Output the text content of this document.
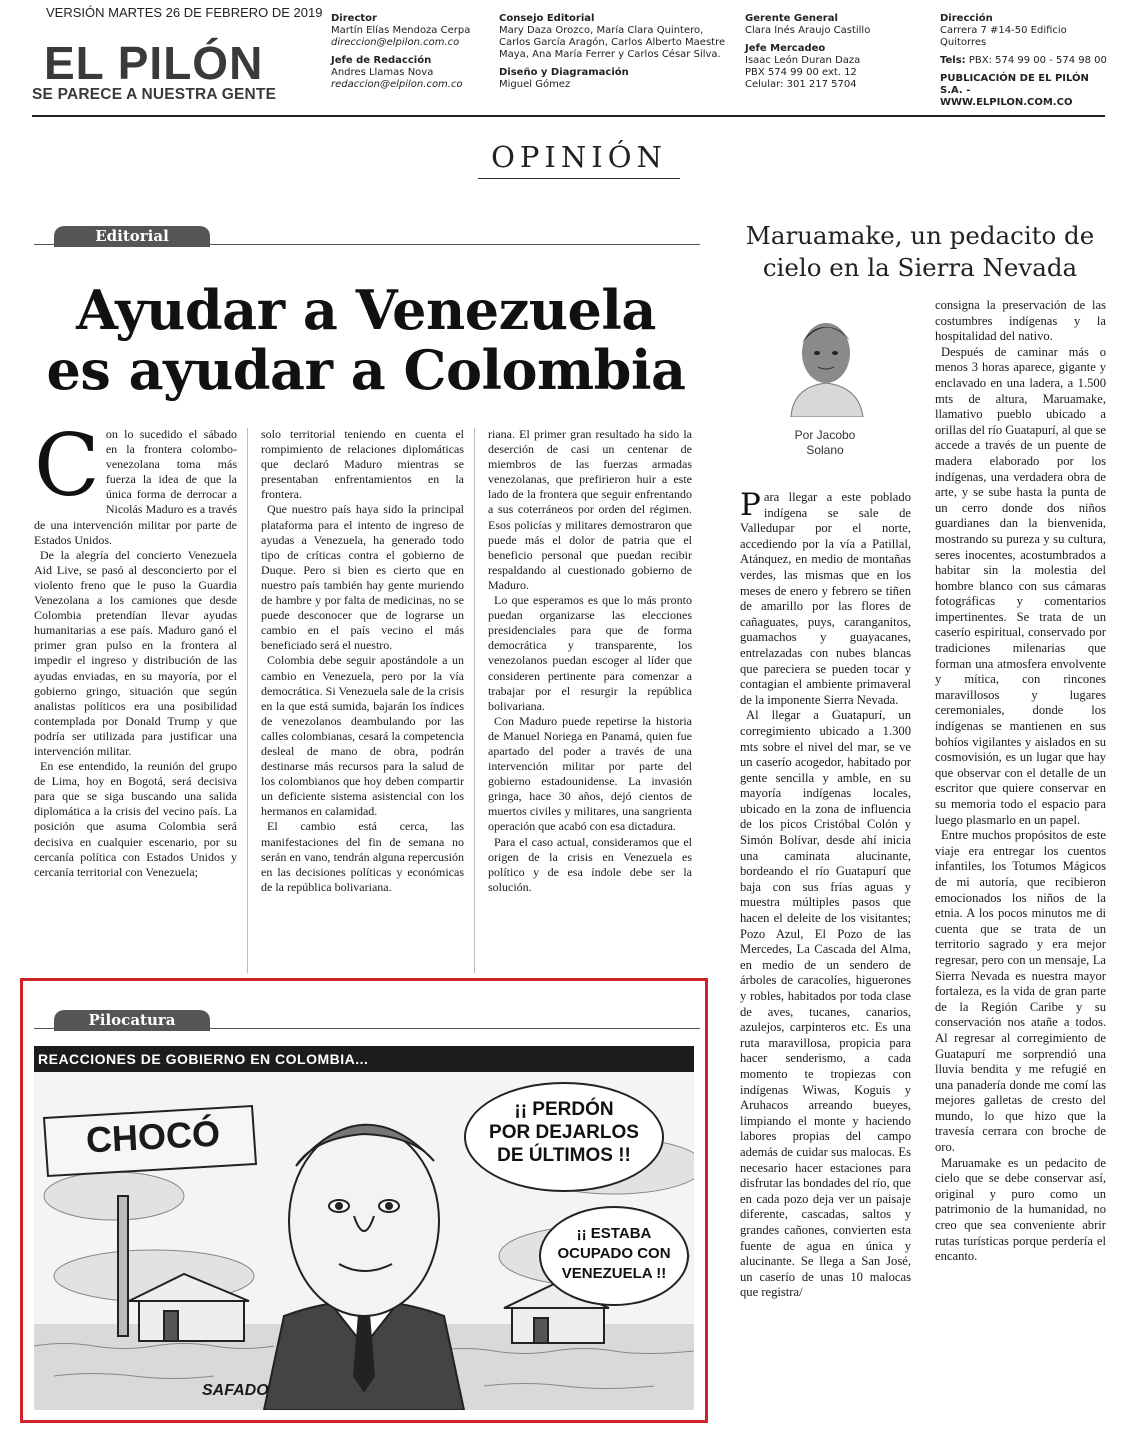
VERSIÓN MARTES 26 DE FEBRERO DE 2019
EL PILÓN
SE PARECE A NUESTRA GENTE
Director
Martín Elías Mendoza Cerpa
direccion@elpilon.com.co
Jefe de Redacción
Andres Llamas Nova
redaccion@elpilon.com.co
Consejo Editorial
Mary Daza Orozco, María Clara Quintero,
Carlos García Aragón, Carlos Alberto Maestre
Maya, Ana María Ferrer y Carlos César Silva.
Diseño y Diagramación
Miguel Gómez
Gerente General
Clara Inés Araujo Castillo
Jefe Mercadeo
Isaac León Duran Daza
PBX 574 99 00 ext. 12
Celular: 301 217 5704
Dirección
Carrera 7 #14-50 Edificio Quitorres
Tels: PBX: 574 99 00 - 574 98 00
PUBLICACIÓN DE EL PILÓN S.A. -
WWW.ELPILON.COM.CO
OPINIÓN
Editorial
Ayudar a Venezuela
es ayudar a Colombia

Con lo sucedido el sábado en la frontera colombo-venezolana toma más fuerza la idea de que la única forma de derrocar a Nicolás Maduro es a través de una intervención militar por parte de Estados Unidos.

De la alegría del concierto Venezuela Aid Live, se pasó al desconcierto por el violento freno que le puso la Guardia Venezolana a los camiones que desde Colombia pretendían llevar ayudas humanitarias a ese país. Maduro ganó el primer gran pulso en la frontera al impedir el ingreso y distribución de las ayudas enviadas, en su mayoría, por el gobierno gringo, situación que según analistas políticos era una posibilidad contemplada por Donald Trump y que podría ser utilizada para justificar una intervención militar.

En ese entendido, la reunión del grupo de Lima, hoy en Bogotá, será decisiva para que se siga buscando una salida diplomática a la crisis del vecino país. La posición que asuma Colombia será decisiva en cualquier escenario, por su cercanía política con Estados Unidos y cercanía territorial con Venezuela;

solo territorial teniendo en cuenta el rompimiento de relaciones diplomáticas que declaró Maduro mientras se presentaban enfrentamientos en la frontera.

Que nuestro país haya sido la principal plataforma para el intento de ingreso de ayudas a Venezuela, ha generado todo tipo de críticas contra el gobierno de Duque. Pero si bien es cierto que en nuestro país también hay gente muriendo de hambre y por falta de medicinas, no se puede desconocer que de lograrse un cambio en el país vecino el más beneficiado será el nuestro.

Colombia debe seguir apostándole a un cambio en Venezuela, pero por la vía democrática. Si Venezuela sale de la crisis en la que está sumida, bajarán los índices de venezolanos deambulando por las calles colombianas, cesará la competencia desleal de mano de obra, podrán destinarse más recursos para la salud de los colombianos que hoy deben compartir un deficiente sistema asistencial con los hermanos en calamidad.

El cambio está cerca, las manifestaciones del fin de semana no serán en vano, tendrán alguna repercusión en las decisiones políticas y económicas de la república bolivariana.

riana. El primer gran resultado ha sido la deserción de casi un centenar de miembros de las fuerzas armadas venezolanas, que prefirieron huir a este lado de la frontera que seguir enfrentando a sus coterráneos por orden del régimen. Esos policías y militares demostraron que puede más el dolor de patria que el beneficio personal que puedan recibir respaldando al cuestionado gobierno de Maduro.

Lo que esperamos es que lo más pronto puedan organizarse las elecciones presidenciales para que de forma democrática y transparente, los venezolanos puedan escoger al líder que consideren pertinente para comenzar a trabajar por el resurgir la república bolivariana.

Con Maduro puede repetirse la historia de Manuel Noriega en Panamá, quien fue apartado del poder a través de una intervención militar por parte del gobierno estadounidense. La invasión gringa, hace 30 años, dejó cientos de muertos civiles y militares, una sangrienta operación que acabó con esa dictadura.

Para el caso actual, consideramos que el origen de la crisis en Venezuela es político y de esa índole debe ser la solución.

Pilocatura
REACCIONES DE GOBIERNO EN COLOMBIA...
CHOCÓ
¡¡ PERDÓN
POR DEJARLOS
DE ÚLTIMOS !!
¡¡ ESTABA
OCUPADO CON
VENEZUELA !!
SAFADO
Maruamake, un pedacito de
cielo en la Sierra Nevada
Por Jacobo
Solano

Para llegar a este poblado indígena se sale de Valledupar por el norte, accediendo por la vía a Patillal, Atánquez, en medio de montañas verdes, las mismas que en los meses de enero y febrero se tiñen de amarillo por las flores de cañaguates, puys, caranganitos, guamachos y guayacanes, entrelazadas con nubes blancas que pareciera se pueden tocar y contagian el ambiente primaveral de la imponente Sierra Nevada.

Al llegar a Guatapurí, un corregimiento ubicado a 1.300 mts sobre el nivel del mar, se ve un caserío acogedor, habitado por gente sencilla y amble, en su mayoría indígenas locales, ubicado en la zona de influencia de los picos Cristóbal Colón y Simón Bolívar, desde ahí inicia una caminata alucinante, bordeando el río Guatapurí que baja con sus frías aguas y muestra múltiples pasos que hacen el deleite de los visitantes; Pozo Azul, El Pozo de las Mercedes, La Cascada del Alma, en medio de un sendero de árboles de caracolíes, higuerones y robles, habitados por toda clase de aves, tucanes, canarios, azulejos, carpinteros etc. Es una ruta maravillosa, propicia para hacer senderismo, a cada momento te tropiezas con indígenas Wiwas, Koguis y Aruhacos arreando bueyes, limpiando el monte y haciendo labores propias del campo además de cuidar sus malocas. Es necesario hacer estaciones para disfrutar las bondades del río, que en cada pozo deja ver un paisaje diferente, cascadas, saltos y grandes cañones, convierten esta fuente de agua en única y alucinante. Se llega a San José, un caserío de unas 10 malocas que registra/

consigna la preservación de las costumbres indígenas y la hospitalidad del nativo.

Después de caminar más o menos 3 horas aparece, gigante y enclavado en una ladera, a 1.500 mts de altura, Maruamake, llamativo pueblo ubicado a orillas del río Guatapurí, al que se accede a través de un puente de madera elaborado por los indígenas, una verdadera obra de arte, y se sube hasta la punta de un cerro donde dos niños guardianes dan la bienvenida, mostrando su pureza y su cultura, seres inocentes, acostumbrados a habitar sin la molestia del hombre blanco con sus cámaras fotográficas y comentarios impertinentes. Se trata de un caserío espiritual, conservado por tradiciones milenarias que forman una atmosfera envolvente y mítica, con rincones maravillosos y lugares ceremoniales, donde los indígenas se mantienen en sus bohíos vigilantes y aislados en su cosmovisión, es un lugar que hay que observar con el detalle de un escritor que quiere conservar en su memoria todo el espacio para luego plasmarlo en un papel.

Entre muchos propósitos de este viaje era entregar los cuentos infantiles, los Totumos Mágicos de mi autoría, que recibieron emocionados los niños de la etnia. A los pocos minutos me di cuenta que se trata de un territorio sagrado y era mejor regresar, pero con un mensaje, La Sierra Nevada es nuestra mayor fortaleza, es la vida de gran parte de la Región Caribe y su conservación nos atañe a todos. Al regresar al corregimiento de Guatapurí me sorprendió una lluvia bendita y me refugié en una panadería donde me comí las mejores galletas de cresto del mundo, lo que hizo que la travesía cerrara con broche de oro.

Maruamake es un pedacito de cielo que se debe conservar así, original y puro como un patrimonio de la humanidad, no creo que sea conveniente abrir rutas turísticas porque perdería el encanto.
